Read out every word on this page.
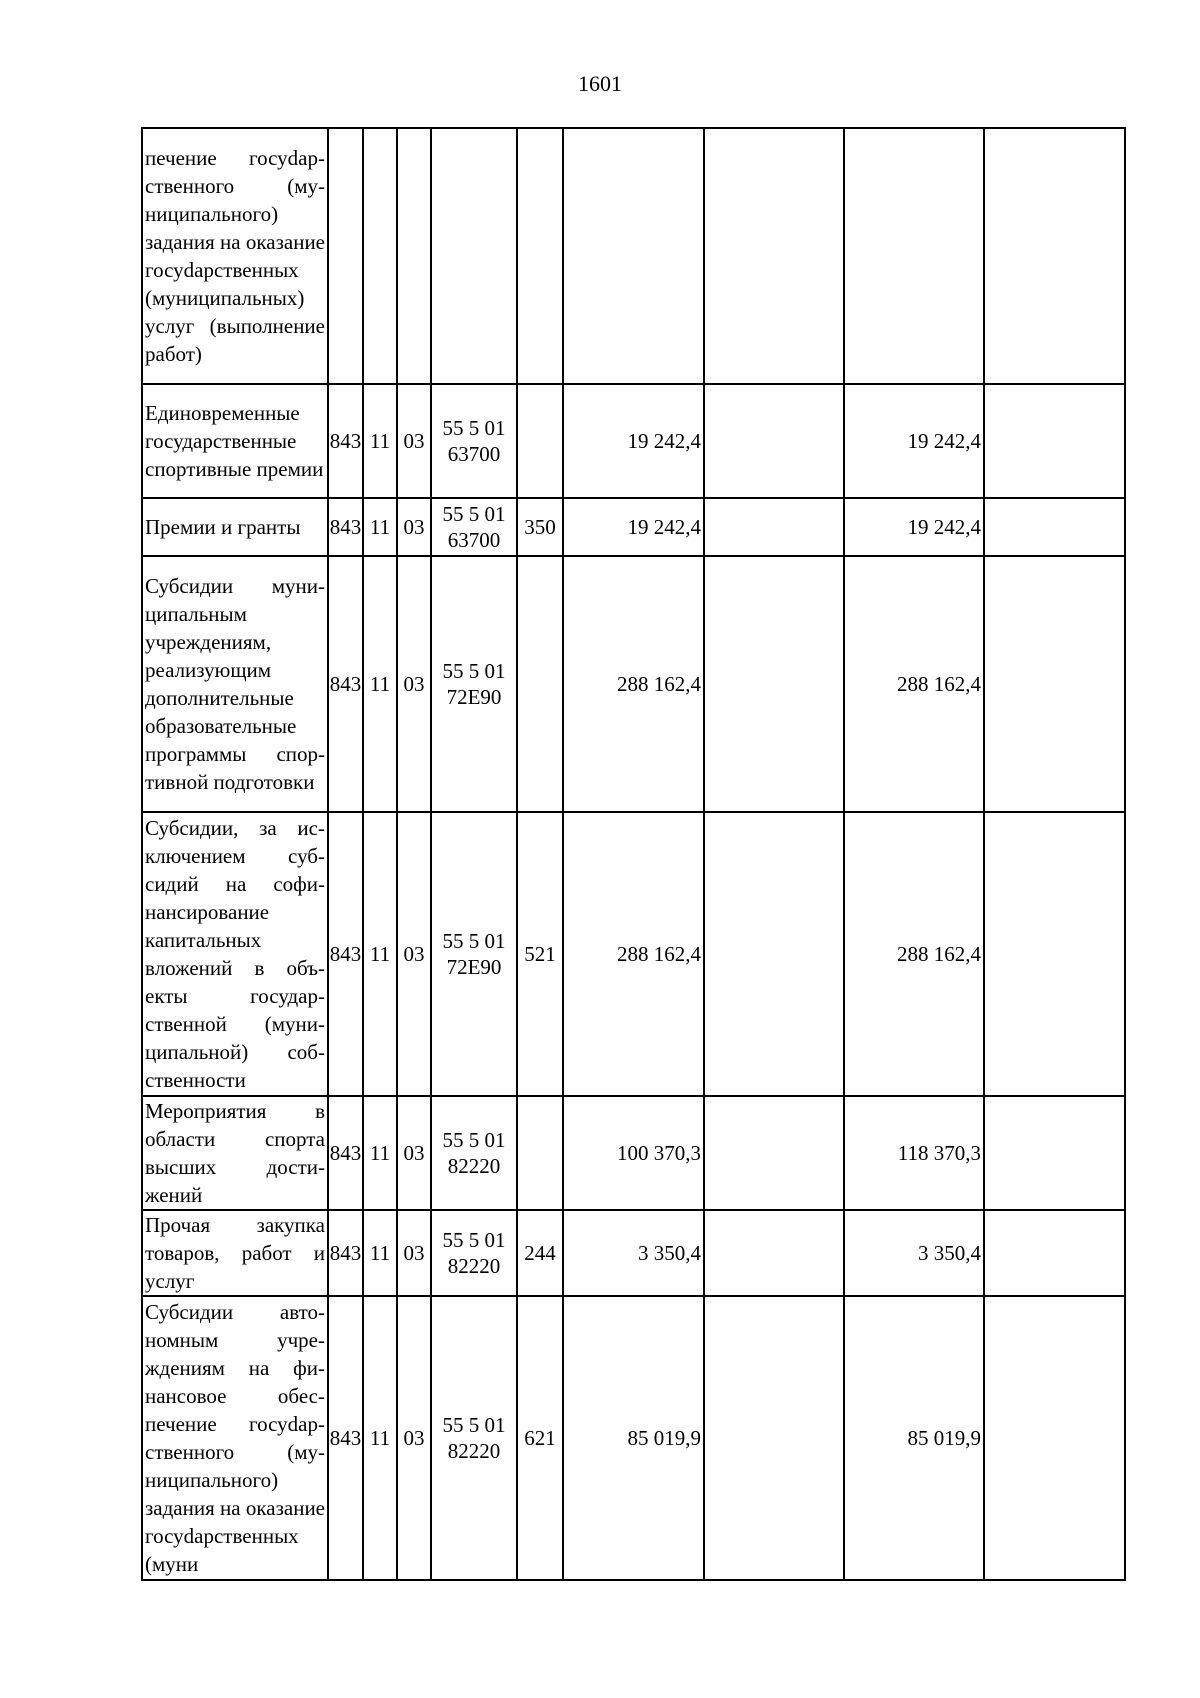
1601
печение госуdарственного (муниципального) задания на оказание госуdарственных (муниципальных) услуг (выполнение работ)				

Единовременные государственные спортивные премии	843	11	03	55 5 01
63700		19 242,4		19 242,4	
Премии и гранты	843	11	03	55 5 01
63700	350	19 242,4		19 242,4	
Субсидии муниципальным учреждениям, реализующим дополнительные образовательные программы спортивной подготовки	843	11	03	55 5 01
72Е90		288 162,4		288 162,4	
Субсидии, за исключением субсидий на софинансирование капитальных вложений в объекты государственной (муниципальной) собственности	843	11	03	55 5 01
72Е90	521	288 162,4		288 162,4	
Мероприятия в области спорта высших достижений	843	11	03	55 5 01
82220		100 370,3		118 370,3	
Прочая закупка товаров, работ и услуг	843	11	03	55 5 01
82220	244	3 350,4		3 350,4	
Субсидии автономным учреждениям на финансовое обеспечение госуdарственного (муниципального) задания на оказание госуdарственных (муни	843	11	03	55 5 01
82220	621	85 019,9		85 019,9	
